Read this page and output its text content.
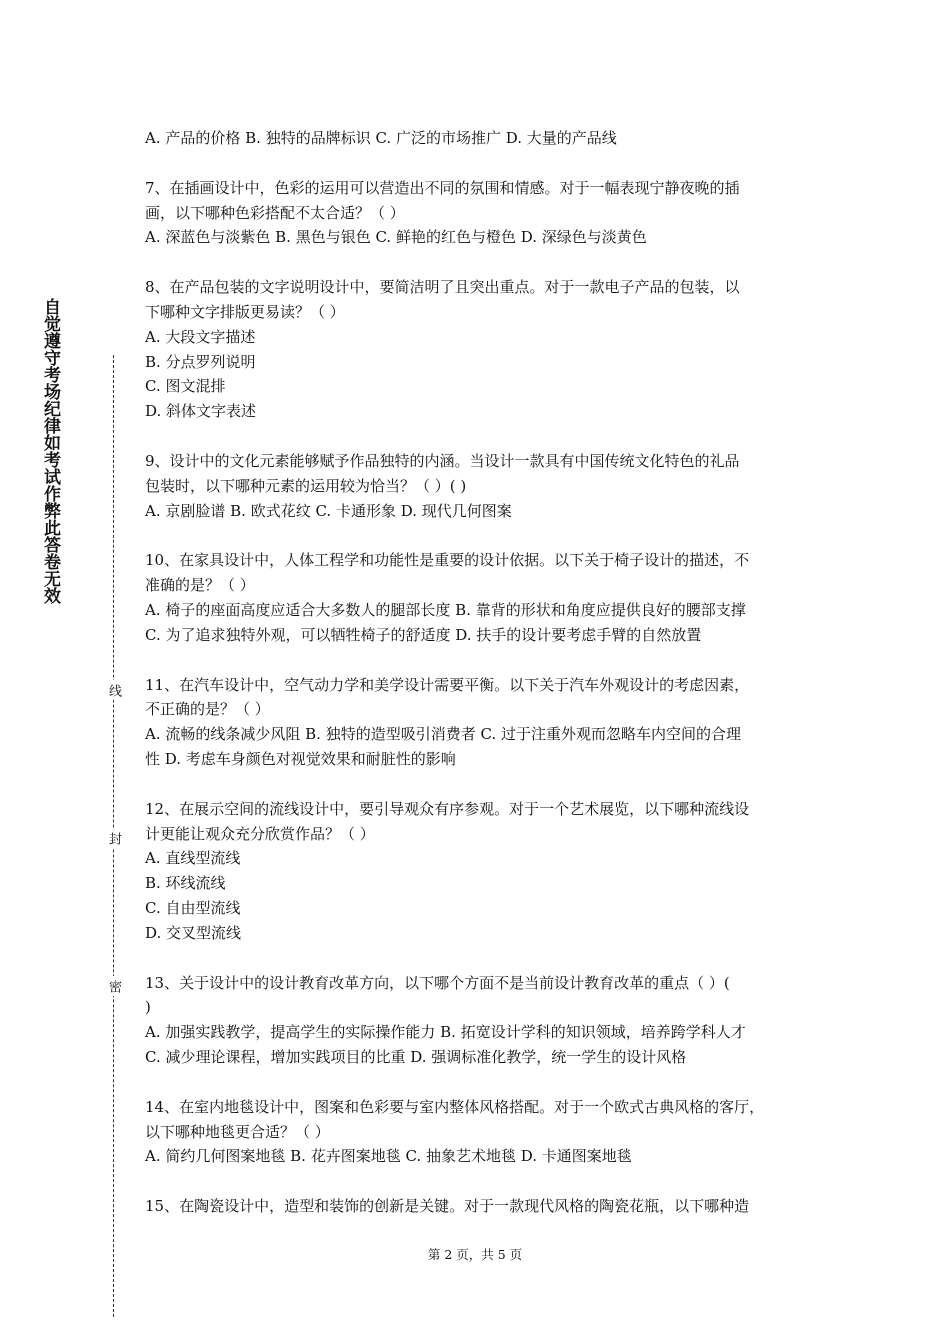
自觉遵守考场纪律如考试作弊此答卷无效
线
封
密
A. 产品的价格 B. 独特的品牌标识 C. 广泛的市场推广 D. 大量的产品线
7、在插画设计中，色彩的运用可以营造出不同的氛围和情感。对于一幅表现宁静夜晚的插
画，以下哪种色彩搭配不太合适？（ ）
A. 深蓝色与淡紫色 B. 黑色与银色 C. 鲜艳的红色与橙色 D. 深绿色与淡黄色
8、在产品包装的文字说明设计中，要简洁明了且突出重点。对于一款电子产品的包装，以
下哪种文字排版更易读？（ ）
A. 大段文字描述
B. 分点罗列说明
C. 图文混排
D. 斜体文字表述
9、设计中的文化元素能够赋予作品独特的内涵。当设计一款具有中国传统文化特色的礼品
包装时，以下哪种元素的运用较为恰当？（ ）( )
A. 京剧脸谱 B. 欧式花纹 C. 卡通形象 D. 现代几何图案
10、在家具设计中，人体工程学和功能性是重要的设计依据。以下关于椅子设计的描述，不
准确的是？（ ）
A. 椅子的座面高度应适合大多数人的腿部长度 B. 靠背的形状和角度应提供良好的腰部支撑
C. 为了追求独特外观，可以牺牲椅子的舒适度 D. 扶手的设计要考虑手臂的自然放置
11、在汽车设计中，空气动力学和美学设计需要平衡。以下关于汽车外观设计的考虑因素，
不正确的是？（ ）
A. 流畅的线条减少风阻 B. 独特的造型吸引消费者 C. 过于注重外观而忽略车内空间的合理
性 D. 考虑车身颜色对视觉效果和耐脏性的影响
12、在展示空间的流线设计中，要引导观众有序参观。对于一个艺术展览，以下哪种流线设
计更能让观众充分欣赏作品？（ ）
A. 直线型流线
B. 环线流线
C. 自由型流线
D. 交叉型流线
13、关于设计中的设计教育改革方向，以下哪个方面不是当前设计教育改革的重点（ ）(
)
A. 加强实践教学，提高学生的实际操作能力 B. 拓宽设计学科的知识领域，培养跨学科人才
C. 减少理论课程，增加实践项目的比重 D. 强调标准化教学，统一学生的设计风格
14、在室内地毯设计中，图案和色彩要与室内整体风格搭配。对于一个欧式古典风格的客厅，
以下哪种地毯更合适？（ ）
A. 简约几何图案地毯 B. 花卉图案地毯 C. 抽象艺术地毯 D. 卡通图案地毯
15、在陶瓷设计中，造型和装饰的创新是关键。对于一款现代风格的陶瓷花瓶，以下哪种造
第 2 页，共 5 页
